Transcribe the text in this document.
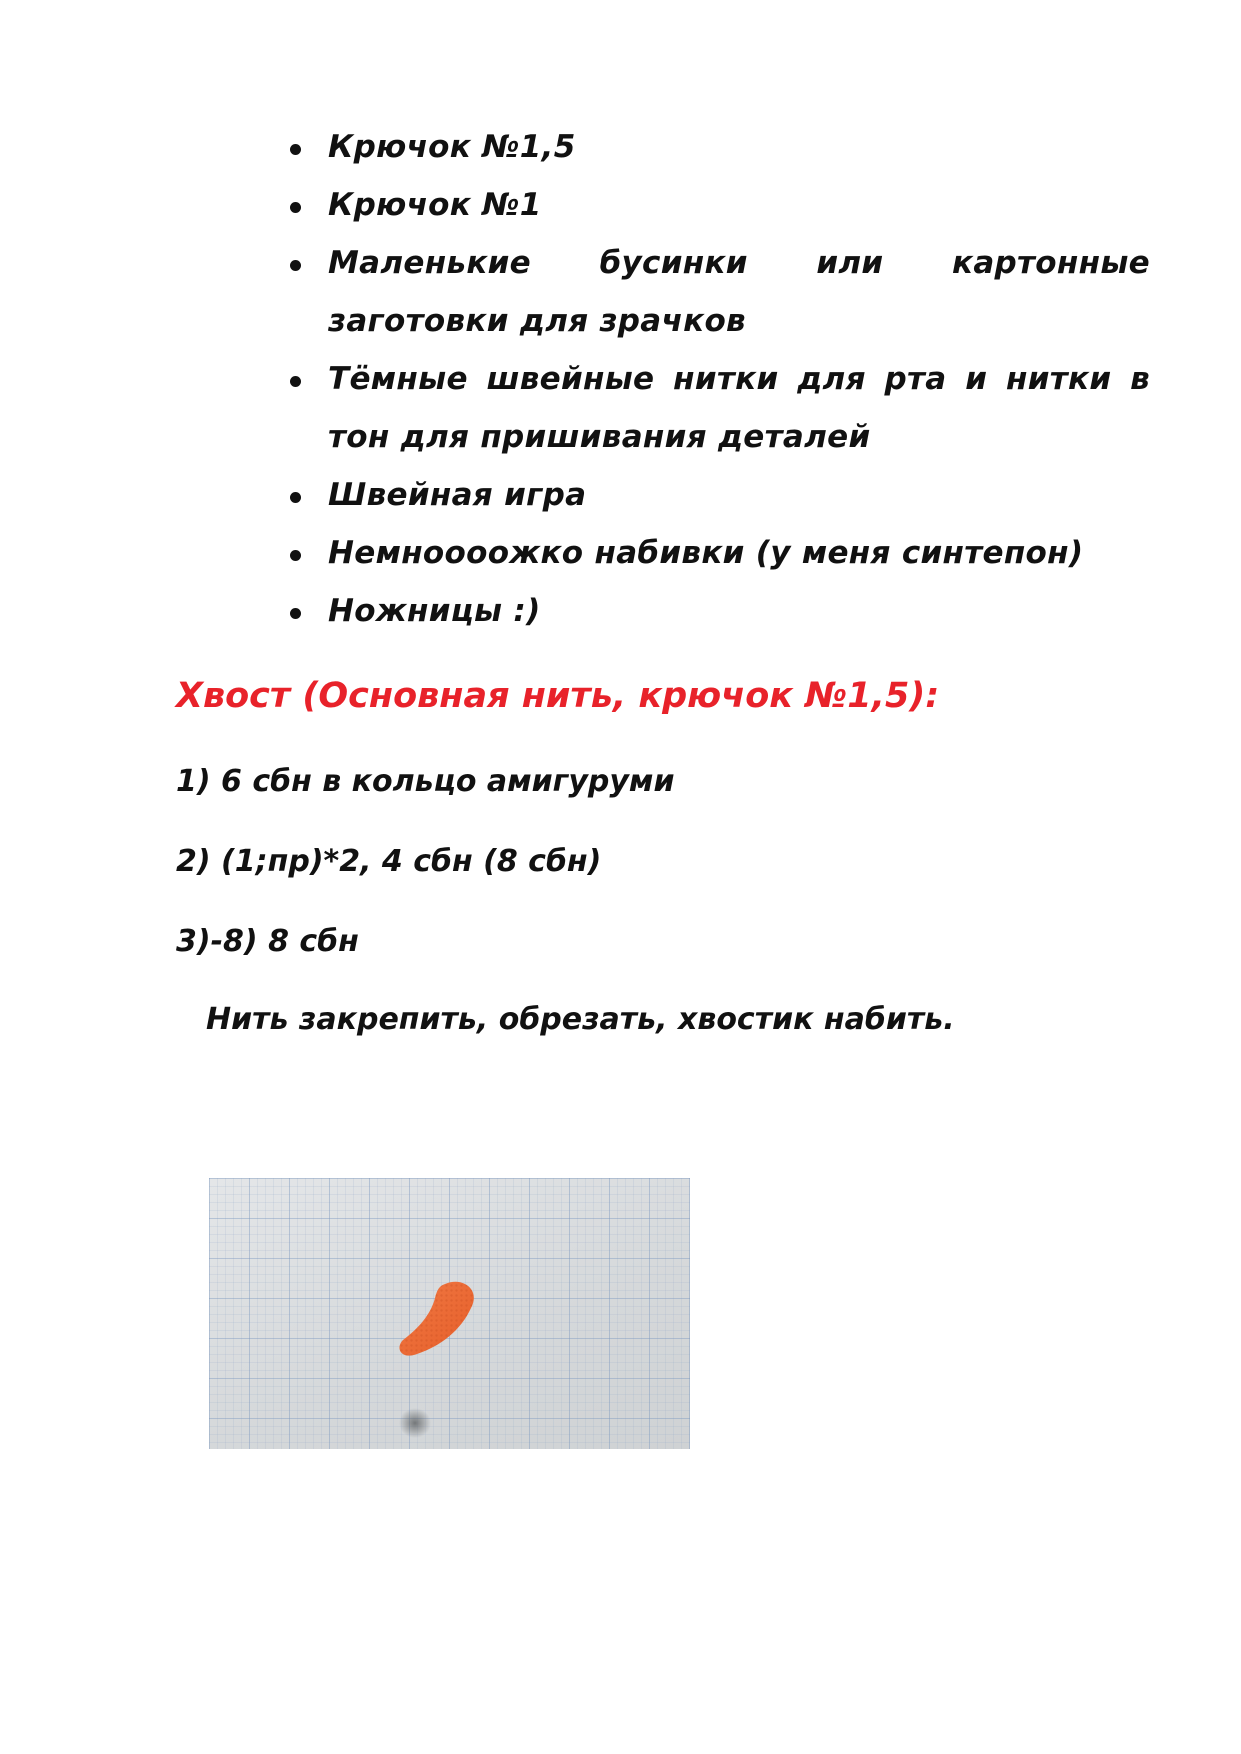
Крючок №1,5
Крючок №1
Маленькие бусинки или картонные заготовки для зрачков
Тёмные швейные нитки для рта и нитки в тон для пришивания деталей
Швейная игра
Немноооожко набивки (у меня синтепон)
Ножницы :)
Хвост (Основная нить, крючок №1,5):

1) 6 сбн в кольцо амигуруми

2) (1;пр)*2, 4 сбн (8 сбн)

3)-8) 8 сбн

Нить закрепить, обрезать, хвостик набить.
